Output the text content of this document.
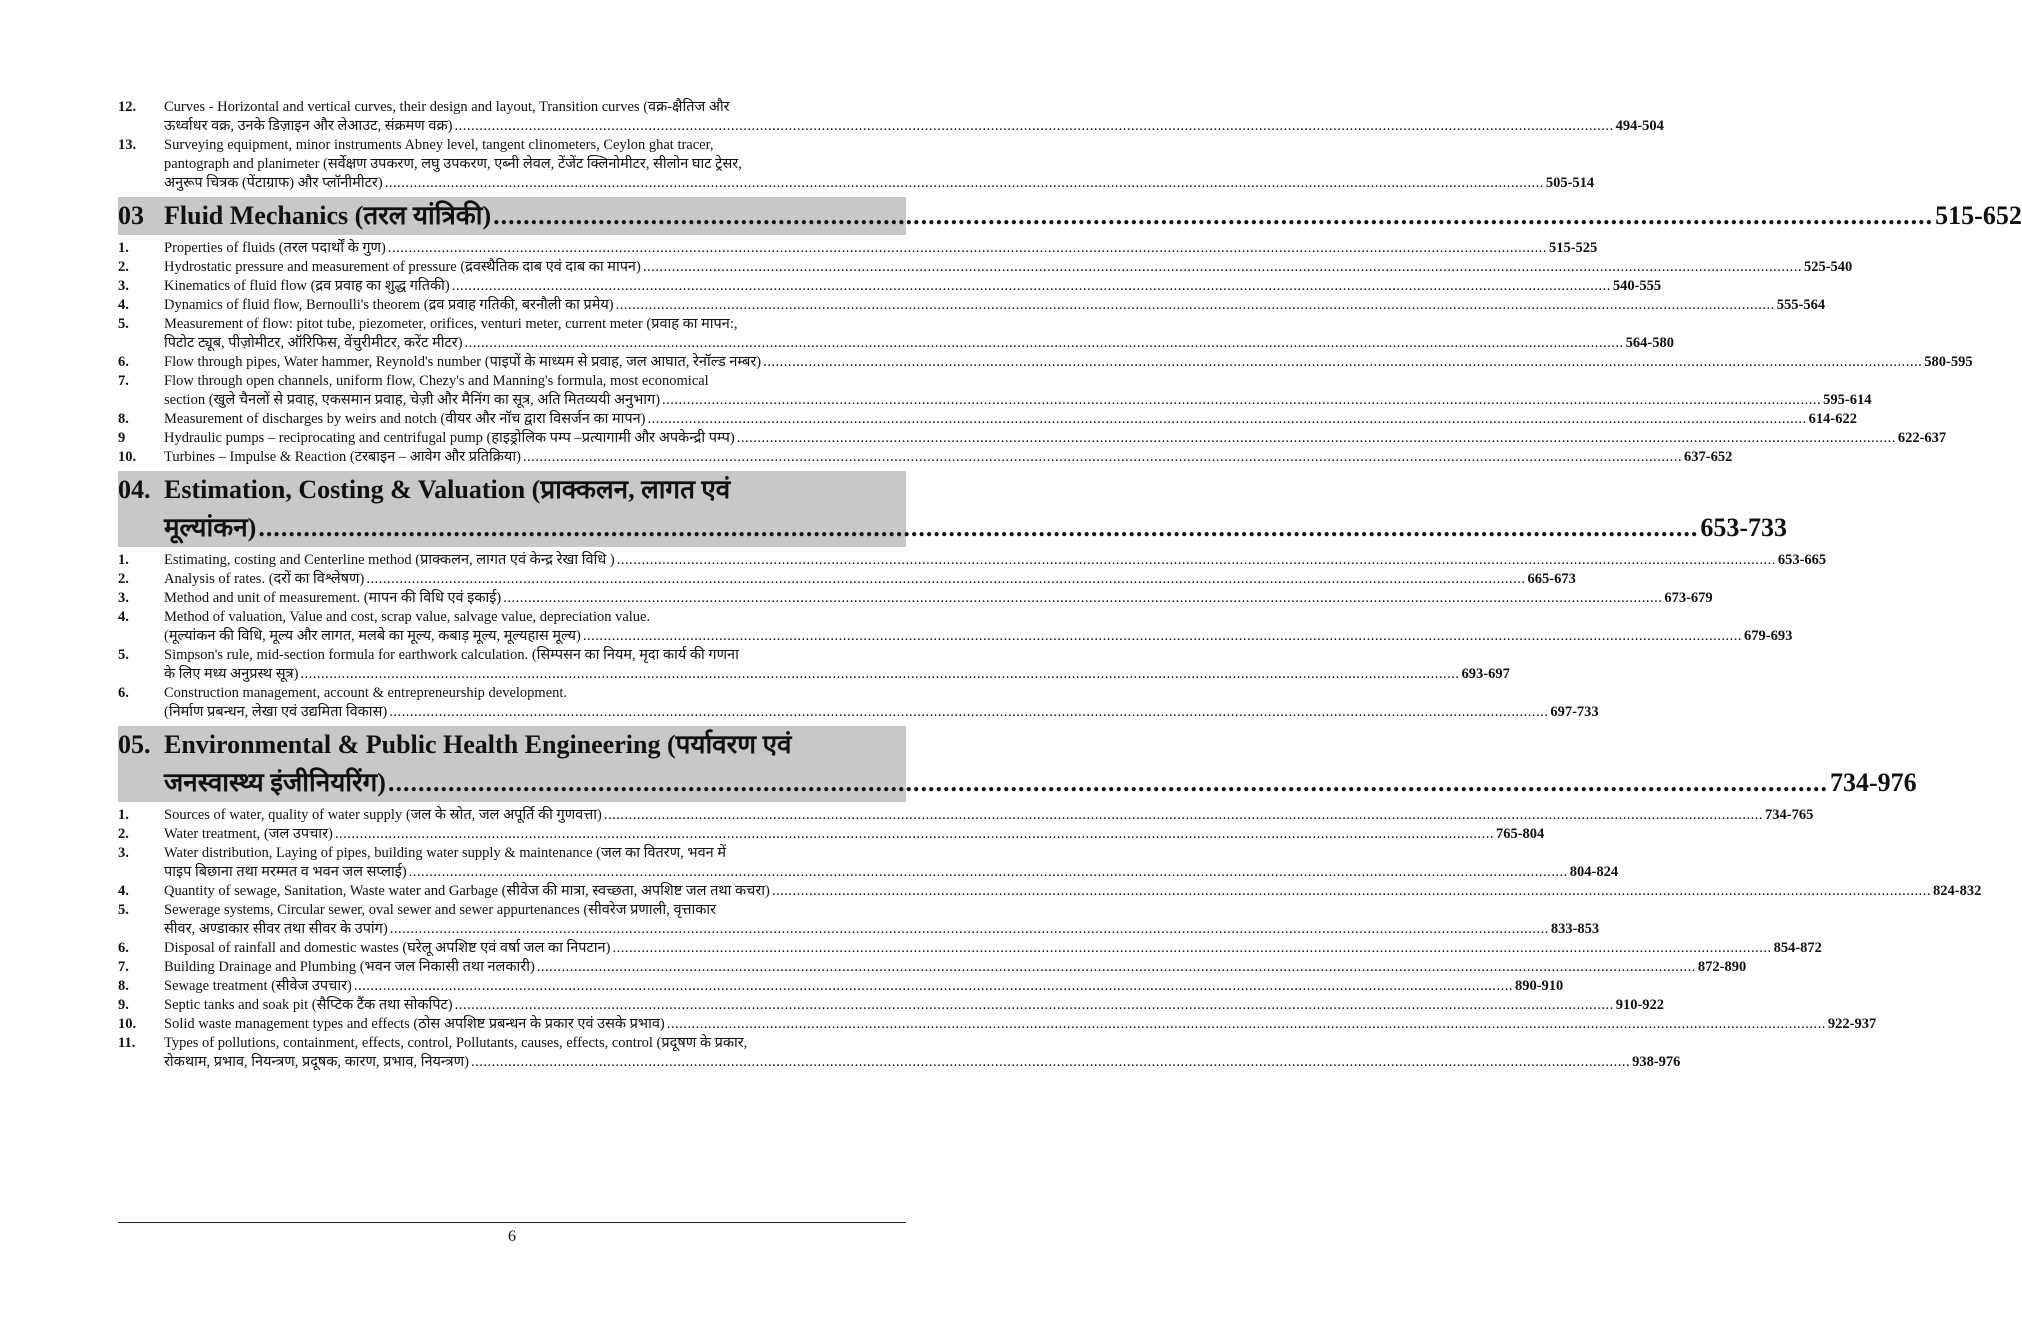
12.	Curves - Horizontal and vertical curves, their design and layout, Transition curves (वक्र-क्षैतिज और
ऊर्ध्वाधर वक्र, उनके डिज़ाइन और लेआउट, संक्रमण वक्र) .....	494-504
13.	Surveying equipment, minor instruments Abney level, tangent clinometers, Ceylon ghat tracer,
pantograph and planimeter (सर्वेक्षण उपकरण, लघु उपकरण, एब्नी लेवल, टेंजेंट क्लिनोमीटर, सीलोन घाट ट्रेसर,
अनुरूप चित्रक (पेंटाग्राफ) और प्लॉनीमीटर) .....	505-514
03 Fluid Mechanics (तरल यांत्रिकी) .....	515-652
1.	Properties of fluids (तरल पदार्थों के गुण) .....	515-525
2.	Hydrostatic pressure and measurement of pressure (द्रवस्थैतिक दाब एवं दाब का मापन) .....	525-540
3.	Kinematics of fluid flow (द्रव प्रवाह का शुद्ध गतिकी) .....	540-555
4.	Dynamics of fluid flow, Bernoulli's theorem (द्रव प्रवाह गतिकी, बरनौली का प्रमेय) .....	555-564
5.	Measurement of flow: pitot tube, piezometer, orifices, venturi meter, current meter (प्रवाह का मापन:,
पिटोट ट्यूब, पीज़ोमीटर, ऑरिफिस, वेंचुरीमीटर, करेंट मीटर) .....	564-580
6.	Flow through pipes, Water hammer, Reynold's number (पाइपों के माध्यम से प्रवाह, जल आघात, रेनॉल्ड नम्बर) .....	580-595
7.	Flow through open channels, uniform flow, Chezy's and Manning's formula, most economical
section (खुले चैनलों से प्रवाह, एकसमान प्रवाह, चेज़ी और मैनिंग का सूत्र, अति मितव्ययी अनुभाग) .....	595-614
8.	Measurement of discharges by weirs and notch (वीयर और नॉच द्वारा विसर्जन का मापन) .....	614-622
9	Hydraulic pumps – reciprocating and centrifugal pump (हाइड्रोलिक पम्प –प्रत्यागामी और अपकेन्द्री पम्प) .....	622-637
10.	Turbines – Impulse & Reaction (टरबाइन – आवेग और प्रतिक्रिया) .....	637-652
04. Estimation, Costing & Valuation (प्राक्कलन, लागत एवं
मूल्यांकन) .....	653-733
1.	Estimating, costing and Centerline method (प्राक्कलन, लागत एवं केन्द्र रेखा विधि ) .....	653-665
2.	Analysis of rates. (दरों का विश्लेषण) .....	665-673
3.	Method and unit of measurement. (मापन की विधि एवं इकाई) .....	673-679
4.	Method of valuation, Value and cost, scrap value, salvage value, depreciation value.
(मूल्यांकन की विधि, मूल्य और लागत, मलबे का मूल्य, कबाड़ मूल्य, मूल्यहास मूल्य) .....	679-693
5.	Simpson's rule, mid-section formula for earthwork calculation. (सिम्पसन का नियम, मृदा कार्य की गणना
के लिए मध्य अनुप्रस्थ सूत्र) .....	693-697
6.	Construction management, account & entrepreneurship development.
(निर्माण प्रबन्धन, लेखा एवं उद्यमिता विकास) .....	697-733
05. Environmental & Public Health Engineering (पर्यावरण एवं
जनस्वास्थ्य इंजीनियरिंग) .....	734-976
1.	Sources of water, quality of water supply (जल के स्रोत, जल अपूर्ति की गुणवत्ता) .....	734-765
2.	Water treatment, (जल उपचार) .....	765-804
3.	Water distribution, Laying of pipes, building water supply & maintenance (जल का वितरण, भवन में
पाइप बिछाना तथा मरम्मत व भवन जल सप्लाई) .....	804-824
4.	Quantity of sewage, Sanitation, Waste water and Garbage (सीवेज की मात्रा, स्वच्छता, अपशिष्ट जल तथा कचरा) .....	824-832
5.	Sewerage systems, Circular sewer, oval sewer and sewer appurtenances (सीवरेज प्रणाली, वृत्ताकार
सीवर, अण्डाकार सीवर तथा सीवर के उपांग) .....	833-853
6.	Disposal of rainfall and domestic wastes (घरेलू अपशिष्ट एवं वर्षा जल का निपटान) .....	854-872
7.	Building Drainage and Plumbing (भवन जल निकासी तथा नलकारी) .....	872-890
8.	Sewage treatment (सीवेज उपचार) .....	890-910
9.	Septic tanks and soak pit (सैप्टिक टैंक तथा सोकपिट) .....	910-922
10.	Solid waste management types and effects (ठोस अपशिष्ट प्रबन्धन के प्रकार एवं उसके प्रभाव) .....	922-937
11.	Types of pollutions, containment, effects, control, Pollutants, causes, effects, control (प्रदूषण के प्रकार,
रोकथाम, प्रभाव, नियन्त्रण, प्रदूषक, कारण, प्रभाव, नियन्त्रण) .....	938-976
6
